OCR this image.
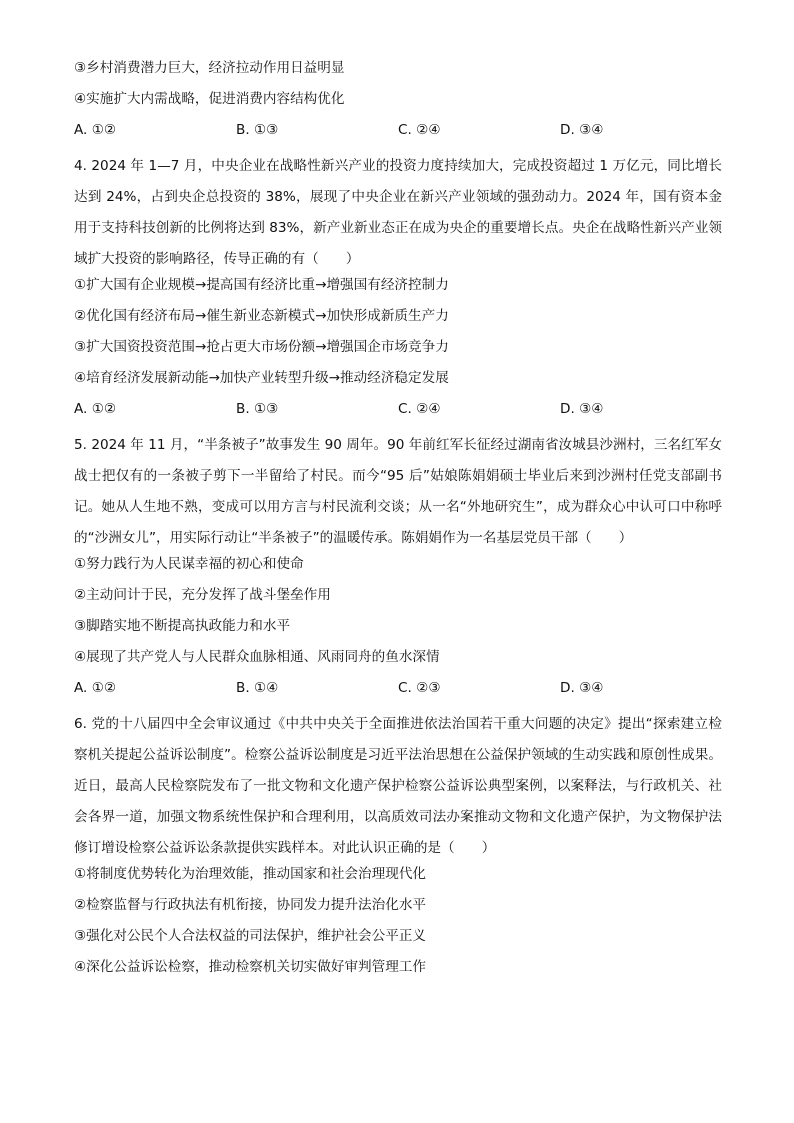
③乡村消费潜力巨大，经济拉动作用日益明显
④实施扩大内需战略，促进消费内容结构优化
A. ①②	B. ①③	C. ②④	D. ③④

4. 2024 年 1—7 月，中央企业在战略性新兴产业的投资力度持续加大，完成投资超过 1 万亿元，同比增长达到 24%，占到央企总投资的 38%，展现了中央企业在新兴产业领域的强劲动力。2024 年，国有资本金用于支持科技创新的比例将达到 83%，新产业新业态正在成为央企的重要增长点。央企在战略性新兴产业领域扩大投资的影响路径，传导正确的有（　　）

①扩大国有企业规模→提高国有经济比重→增强国有经济控制力
②优化国有经济布局→催生新业态新模式→加快形成新质生产力
③扩大国资投资范围→抢占更大市场份额→增强国企市场竞争力
④培育经济发展新动能→加快产业转型升级→推动经济稳定发展
A. ①②	B. ①③	C. ②④	D. ③④

5. 2024 年 11 月，“半条被子”故事发生 90 周年。90 年前红军长征经过湖南省汝城县沙洲村，三名红军女战士把仅有的一条被子剪下一半留给了村民。而今“95 后”姑娘陈娟娟硕士毕业后来到沙洲村任党支部副书记。她从人生地不熟，变成可以用方言与村民流利交谈；从一名“外地研究生”，成为群众心中认可口中称呼的“沙洲女儿”，用实际行动让“半条被子”的温暖传承。陈娟娟作为一名基层党员干部（　　）

①努力践行为人民谋幸福的初心和使命
②主动问计于民，充分发挥了战斗堡垒作用
③脚踏实地不断提高执政能力和水平
④展现了共产党人与人民群众血脉相通、风雨同舟的鱼水深情
A. ①②	B. ①④	C. ②③	D. ③④

6. 党的十八届四中全会审议通过《中共中央关于全面推进依法治国若干重大问题的决定》提出“探索建立检察机关提起公益诉讼制度”。检察公益诉讼制度是习近平法治思想在公益保护领域的生动实践和原创性成果。近日，最高人民检察院发布了一批文物和文化遗产保护检察公益诉讼典型案例，以案释法，与行政机关、社会各界一道，加强文物系统性保护和合理利用，以高质效司法办案推动文物和文化遗产保护，为文物保护法修订增设检察公益诉讼条款提供实践样本。对此认识正确的是（　　）

①将制度优势转化为治理效能，推动国家和社会治理现代化
②检察监督与行政执法有机衔接，协同发力提升法治化水平
③强化对公民个人合法权益的司法保护，维护社会公平正义
④深化公益诉讼检察，推动检察机关切实做好审判管理工作
